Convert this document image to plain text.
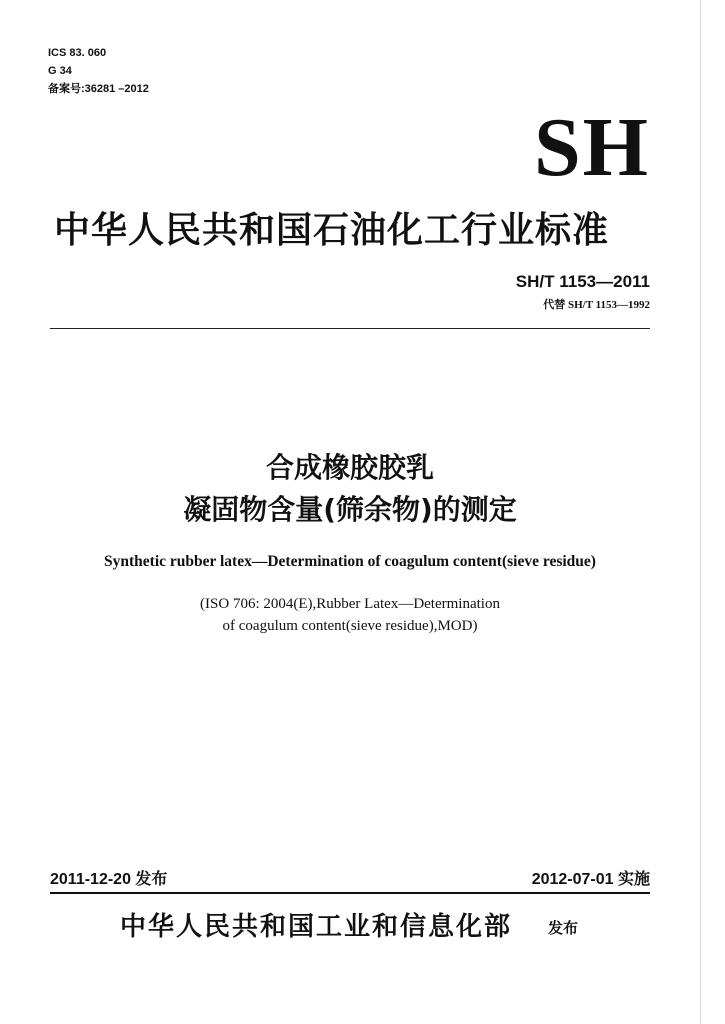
ICS 83. 060
G 34
备案号:36281 –2012
SH
中华人民共和国石油化工行业标准
SH/T 1153—2011
代替 SH/T 1153—1992
合成橡胶胶乳
凝固物含量(筛余物)的测定
Synthetic rubber latex—Determination of coagulum content(sieve residue)
(ISO 706: 2004(E),Rubber Latex—Determination
of coagulum content(sieve residue),MOD)
2011-12-20 发布	2012-07-01 实施
中华人民共和国工业和信息化部 发布
